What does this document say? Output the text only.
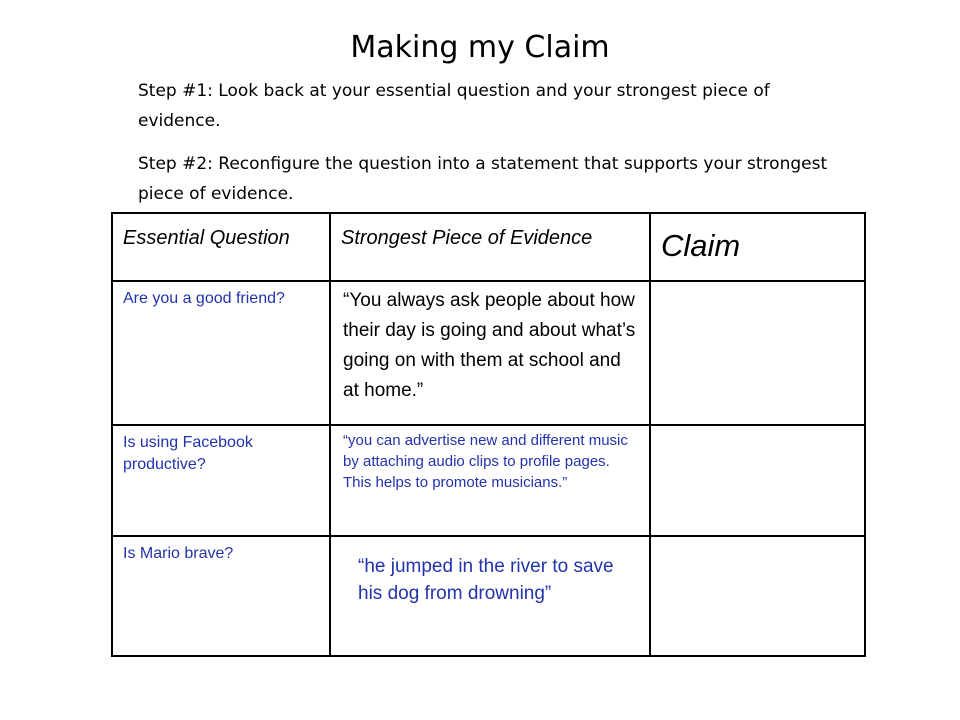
Making my Claim
Step #1: Look back at your essential question and your strongest piece of evidence.
Step #2: Reconfigure the question into a statement that supports your strongest piece of evidence.
Essential Question	Strongest Piece of Evidence	Claim
Are you a good friend?	“You always ask people about how their day is going and about what’s going on with them at school and at home.”	
Is using Facebook productive?	“you can advertise new and different music by attaching audio clips to profile pages. This helps to promote musicians.”	
Is Mario brave?	“he jumped in the river to save his dog from drowning”	
